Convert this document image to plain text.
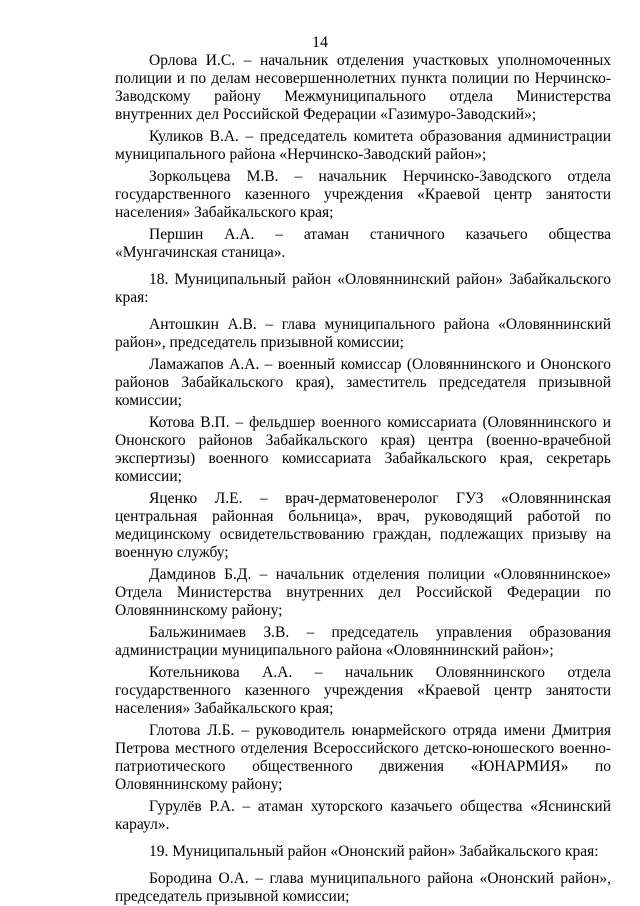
14

Орлова И.С. – начальник отделения участковых уполномоченных полиции и по делам несовершеннолетних пункта полиции по Нерчинско-Заводскому району Межмуниципального отдела Министерства внутренних дел Российской Федерации «Газимуро-Заводский»;

Куликов В.А. – председатель комитета образования администрации муниципального района «Нерчинско-Заводский район»;

Зоркольцева М.В. – начальник Нерчинско-Заводского отдела государственного казенного учреждения «Краевой центр занятости населения» Забайкальского края;

Першин А.А. – атаман станичного казачьего общества «Мунгачинская станица».

18. Муниципальный район «Оловяннинский район» Забайкальского края:

Антошкин А.В. – глава муниципального района «Оловяннинский район», председатель призывной комиссии;

Ламажапов А.А. – военный комиссар (Оловяннинского и Ононского районов Забайкальского края), заместитель председателя призывной комиссии;

Котова В.П. – фельдшер военного комиссариата (Оловяннинского и Ононского районов Забайкальского края) центра (военно-врачебной экспертизы) военного комиссариата Забайкальского края, секретарь комиссии;

Яценко Л.Е. – врач-дерматовенеролог ГУЗ «Оловяннинская центральная районная больница», врач, руководящий работой по медицинскому освидетельствованию граждан, подлежащих призыву на военную службу;

Дамдинов Б.Д. – начальник отделения полиции «Оловяннинское» Отдела Министерства внутренних дел Российской Федерации по Оловяннинскому району;

Бальжинимаев З.В. – председатель управления образования администрации муниципального района «Оловяннинский район»;

Котельникова А.А. – начальник Оловяннинского отдела государственного казенного учреждения «Краевой центр занятости населения» Забайкальского края;

Глотова Л.Б. – руководитель юнармейского отряда имени Дмитрия Петрова местного отделения Всероссийского детско-юношеского военно-патриотического общественного движения «ЮНАРМИЯ» по Оловяннинскому району;

Гурулёв Р.А. – атаман хуторского казачьего общества «Яснинский караул».

19. Муниципальный район «Ононский район» Забайкальского края:

Бородина О.А. – глава муниципального района «Ононский район», председатель призывной комиссии;
